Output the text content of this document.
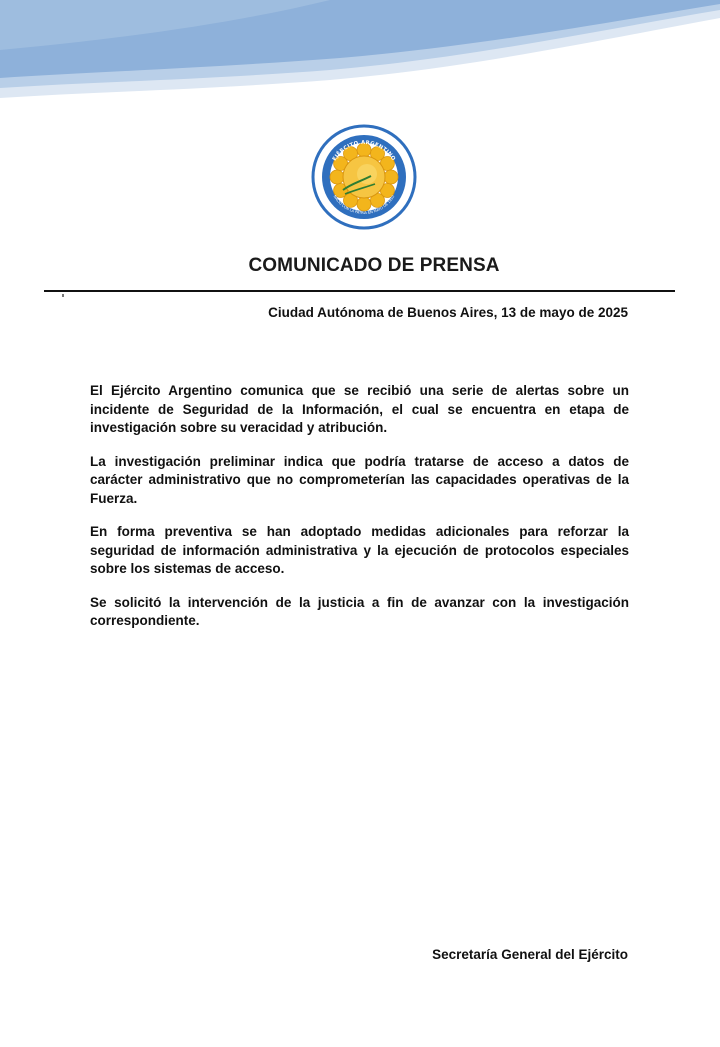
EJÉRCITO ARGENTINO
NACIÓ CON LA PATRIA EN MAYO DE 1810
COMUNICADO DE PRENSA
Ciudad Autónoma de Buenos Aires, 13 de mayo de 2025

El Ejército Argentino comunica que se recibió una serie de alertas sobre un incidente de Seguridad de la Información, el cual se encuentra en etapa de investigación sobre su veracidad y atribución.

La investigación preliminar indica que podría tratarse de acceso a datos de carácter administrativo que no comprometerían las capacidades operativas de la Fuerza.

En forma preventiva se han adoptado medidas adicionales para reforzar la seguridad de información administrativa y la ejecución de protocolos especiales sobre los sistemas de acceso.

Se solicitó la intervención de la justicia a fin de avanzar con la investigación correspondiente.

Secretaría General del Ejército
